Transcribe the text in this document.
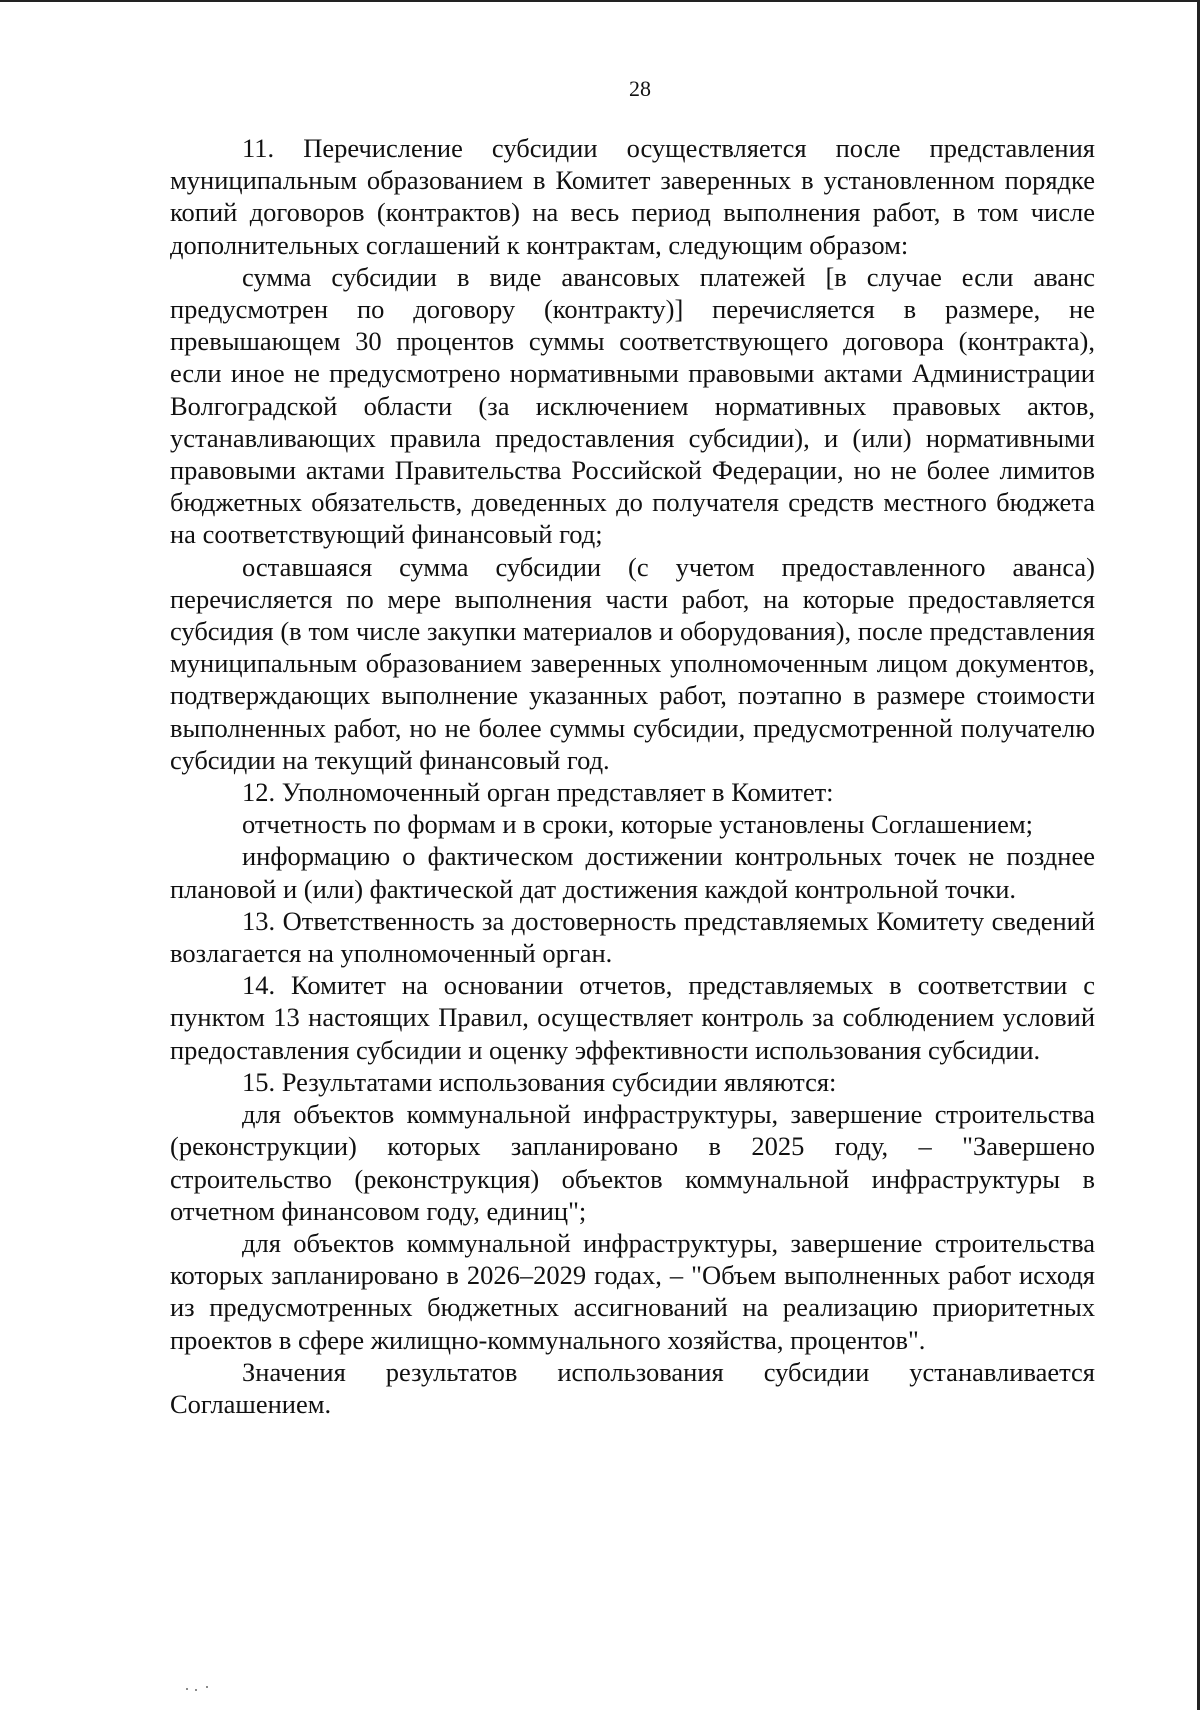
28

11. Перечисление субсидии осуществляется после представления муниципальным образованием в Комитет заверенных в установленном порядке копий договоров (контрактов) на весь период выполнения работ, в том числе дополнительных соглашений к контрактам, следующим образом:

сумма субсидии в виде авансовых платежей [в случае если аванс предусмотрен по договору (контракту)] перечисляется в размере, не превышающем 30 процентов суммы соответствующего договора (контракта), если иное не предусмотрено нормативными правовыми актами Администрации Волгоградской области (за исключением нормативных правовых актов, устанавливающих правила предоставления субсидии), и (или) нормативными правовыми актами Правительства Российской Федерации, но не более лимитов бюджетных обязательств, доведенных до получателя средств местного бюджета на соответствующий финансовый год;

оставшаяся сумма субсидии (с учетом предоставленного аванса) перечисляется по мере выполнения части работ, на которые предоставляется субсидия (в том числе закупки материалов и оборудования), после представления муниципальным образованием заверенных уполномоченным лицом документов, подтверждающих выполнение указанных работ, поэтапно в размере стоимости выполненных работ, но не более суммы субсидии, предусмотренной получателю субсидии на текущий финансовый год.

12. Уполномоченный орган представляет в Комитет:

отчетность по формам и в сроки, которые установлены Соглашением;

информацию о фактическом достижении контрольных точек не позднее плановой и (или) фактической дат достижения каждой контрольной точки.

13. Ответственность за достоверность представляемых Комитету сведений возлагается на уполномоченный орган.

14. Комитет на основании отчетов, представляемых в соответствии с пунктом 13 настоящих Правил, осуществляет контроль за соблюдением условий предоставления субсидии и оценку эффективности использования субсидии.

15. Результатами использования субсидии являются:

для объектов коммунальной инфраструктуры, завершение строительства (реконструкции) которых запланировано в 2025 году, – "Завершено строительство (реконструкция) объектов коммунальной инфраструктуры в отчетном финансовом году, единиц";

для объектов коммунальной инфраструктуры, завершение строительства которых запланировано в 2026–2029 годах, – "Объем выполненных работ исходя из предусмотренных бюджетных ассигнований на реализацию приоритетных проектов в сфере жилищно-коммунального хозяйства, процентов".

Значения результатов использования субсидии устанавливается Соглашением.
